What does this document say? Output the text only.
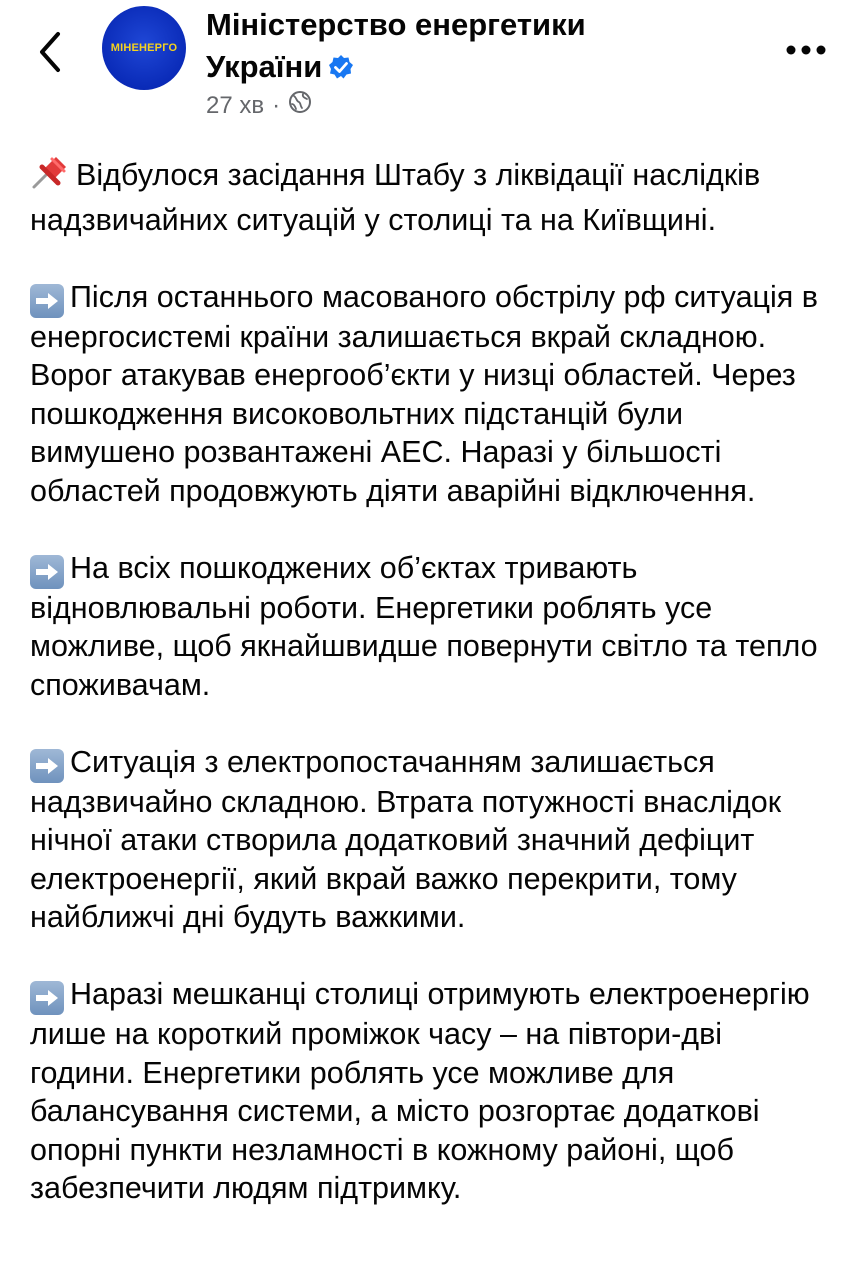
МІНЕНЕРГО
Міністерство енергетики
України
27 хв ·

Відбулося засідання Штабу з ліквідації наслідків надзвичайних ситуацій у столиці та на Київщині.

Після останнього масованого обстрілу рф ситуація в енергосистемі країни залишається вкрай складною. Ворог атакував енергооб’єкти у низці областей. Через пошкодження високовольтних підстанцій були вимушено розвантажені АЕС. Наразі у більшості областей продовжують діяти аварійні відключення.

На всіх пошкоджених об’єктах тривають відновлювальні роботи. Енергетики роблять усе можливе, щоб якнайшвидше повернути світло та тепло споживачам.

Ситуація з електропостачанням залишається надзвичайно складною. Втрата потужності внаслідок нічної атаки створила додатковий значний дефіцит електроенергії, який вкрай важко перекрити, тому найближчі дні будуть важкими.

Наразі мешканці столиці отримують електроенергію лише на короткий проміжок часу – на півтори-дві години. Енергетики роблять усе можливе для балансування системи, а місто розгортає додаткові опорні пункти незламності в кожному районі, щоб забезпечити людям підтримку.
